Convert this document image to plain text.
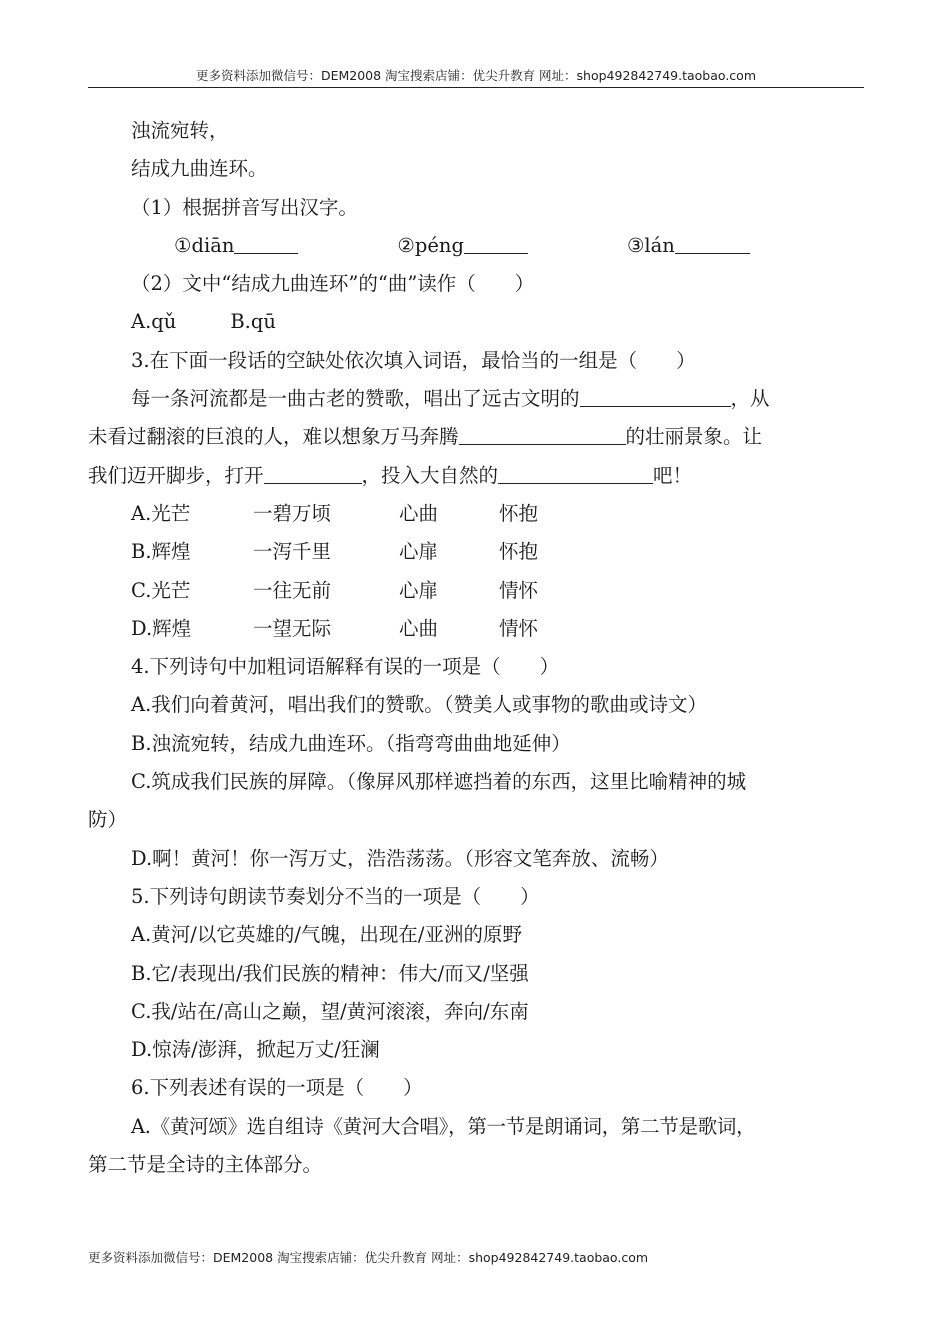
更多资料添加微信号：DEM2008 淘宝搜索店铺：优尖升教育 网址：shop492842749.taobao.com
浊流宛转，
结成九曲连环。
（1）根据拼音写出汉字。
①diān	②péng	③lán
（2）文中“结成九曲连环”的“曲”读作（　　）
A.qǔ	B.qū
3.在下面一段话的空缺处依次填入词语，最恰当的一组是（　　）
每一条河流都是一曲古老的赞歌，唱出了远古文明的	，从
未看过翻滚的巨浪的人，难以想象万马奔腾	的壮丽景象。让
我们迈开脚步，打开	，投入大自然的	吧！
A.光芒	一碧万顷	心曲	怀抱
B.辉煌	一泻千里	心扉	怀抱
C.光芒	一往无前	心扉	情怀
D.辉煌	一望无际	心曲	情怀
4.下列诗句中加粗词语解释有误的一项是（　　）
A.我们向着黄河，唱出我们的赞歌。（赞美人或事物的歌曲或诗文）
B.浊流宛转，结成九曲连环。（指弯弯曲曲地延伸）
C.筑成我们民族的屏障。（像屏风那样遮挡着的东西，这里比喻精神的城
防）
D.啊！黄河！你一泻万丈，浩浩荡荡。（形容文笔奔放、流畅）
5.下列诗句朗读节奏划分不当的一项是（　　）
A.黄河/以它英雄的/气魄，出现在/亚洲的原野
B.它/表现出/我们民族的精神：伟大/而又/坚强
C.我/站在/高山之巅，望/黄河滚滚，奔向/东南
D.惊涛/澎湃，掀起万丈/狂澜
6.下列表述有误的一项是（　　）
A.《黄河颂》选自组诗《黄河大合唱》，第一节是朗诵词，第二节是歌词，
第二节是全诗的主体部分。
更多资料添加微信号：DEM2008 淘宝搜索店铺：优尖升教育 网址：shop492842749.taobao.com
